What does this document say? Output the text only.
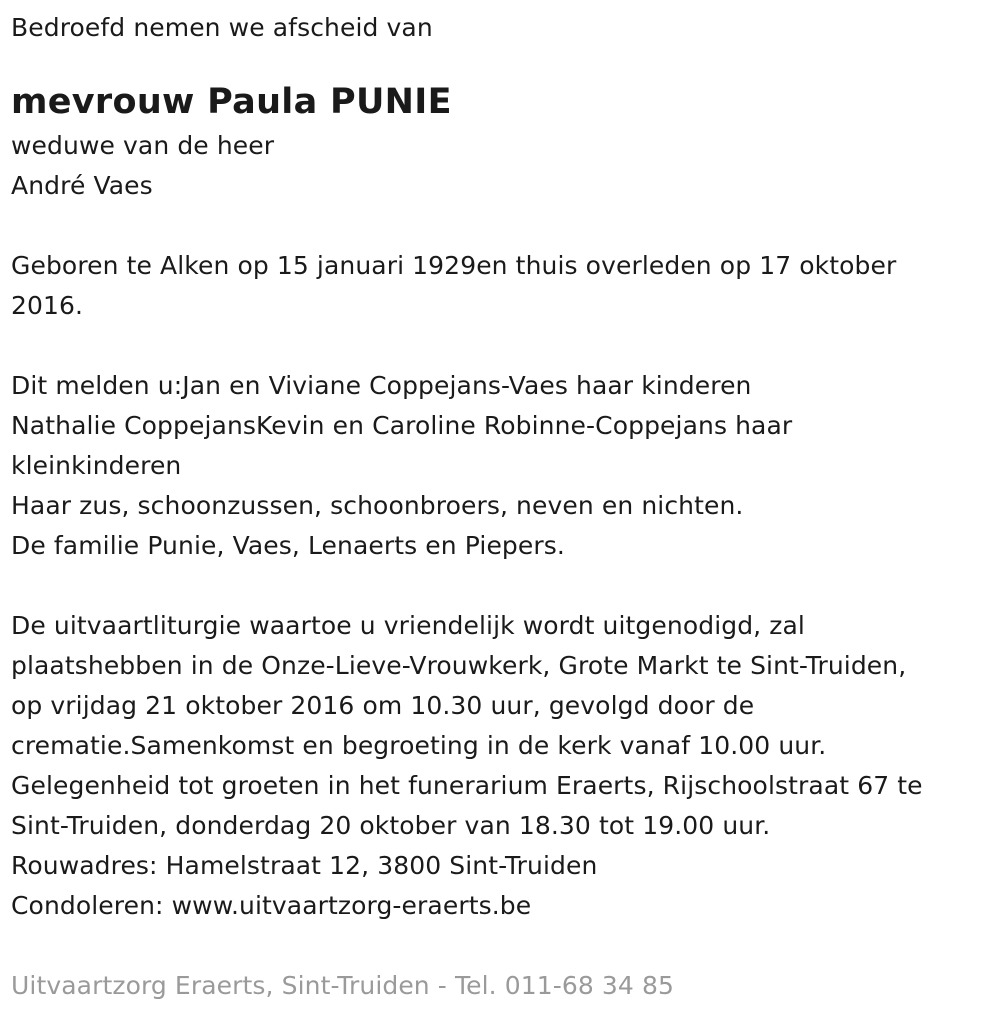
Bedroefd nemen we afscheid van
mevrouw Paula PUNIE
weduwe van de heer
André Vaes
Geboren te Alken op 15 januari 1929en thuis overleden op 17 oktober
2016.
Dit melden u:Jan en Viviane Coppejans-Vaes haar kinderen
Nathalie CoppejansKevin en Caroline Robinne-Coppejans haar
kleinkinderen
Haar zus, schoonzussen, schoonbroers, neven en nichten.
De familie Punie, Vaes, Lenaerts en Piepers.
De uitvaartliturgie waartoe u vriendelijk wordt uitgenodigd, zal
plaatshebben in de Onze-Lieve-Vrouwkerk, Grote Markt te Sint-Truiden,
op vrijdag 21 oktober 2016 om 10.30 uur, gevolgd door de
crematie.Samenkomst en begroeting in de kerk vanaf 10.00 uur.
Gelegenheid tot groeten in het funerarium Eraerts, Rijschoolstraat 67 te
Sint-Truiden, donderdag 20 oktober van 18.30 tot 19.00 uur.
Rouwadres: Hamelstraat 12, 3800 Sint-Truiden
Condoleren: www.uitvaartzorg-eraerts.be
Uitvaartzorg Eraerts, Sint-Truiden - Tel. 011-68 34 85
